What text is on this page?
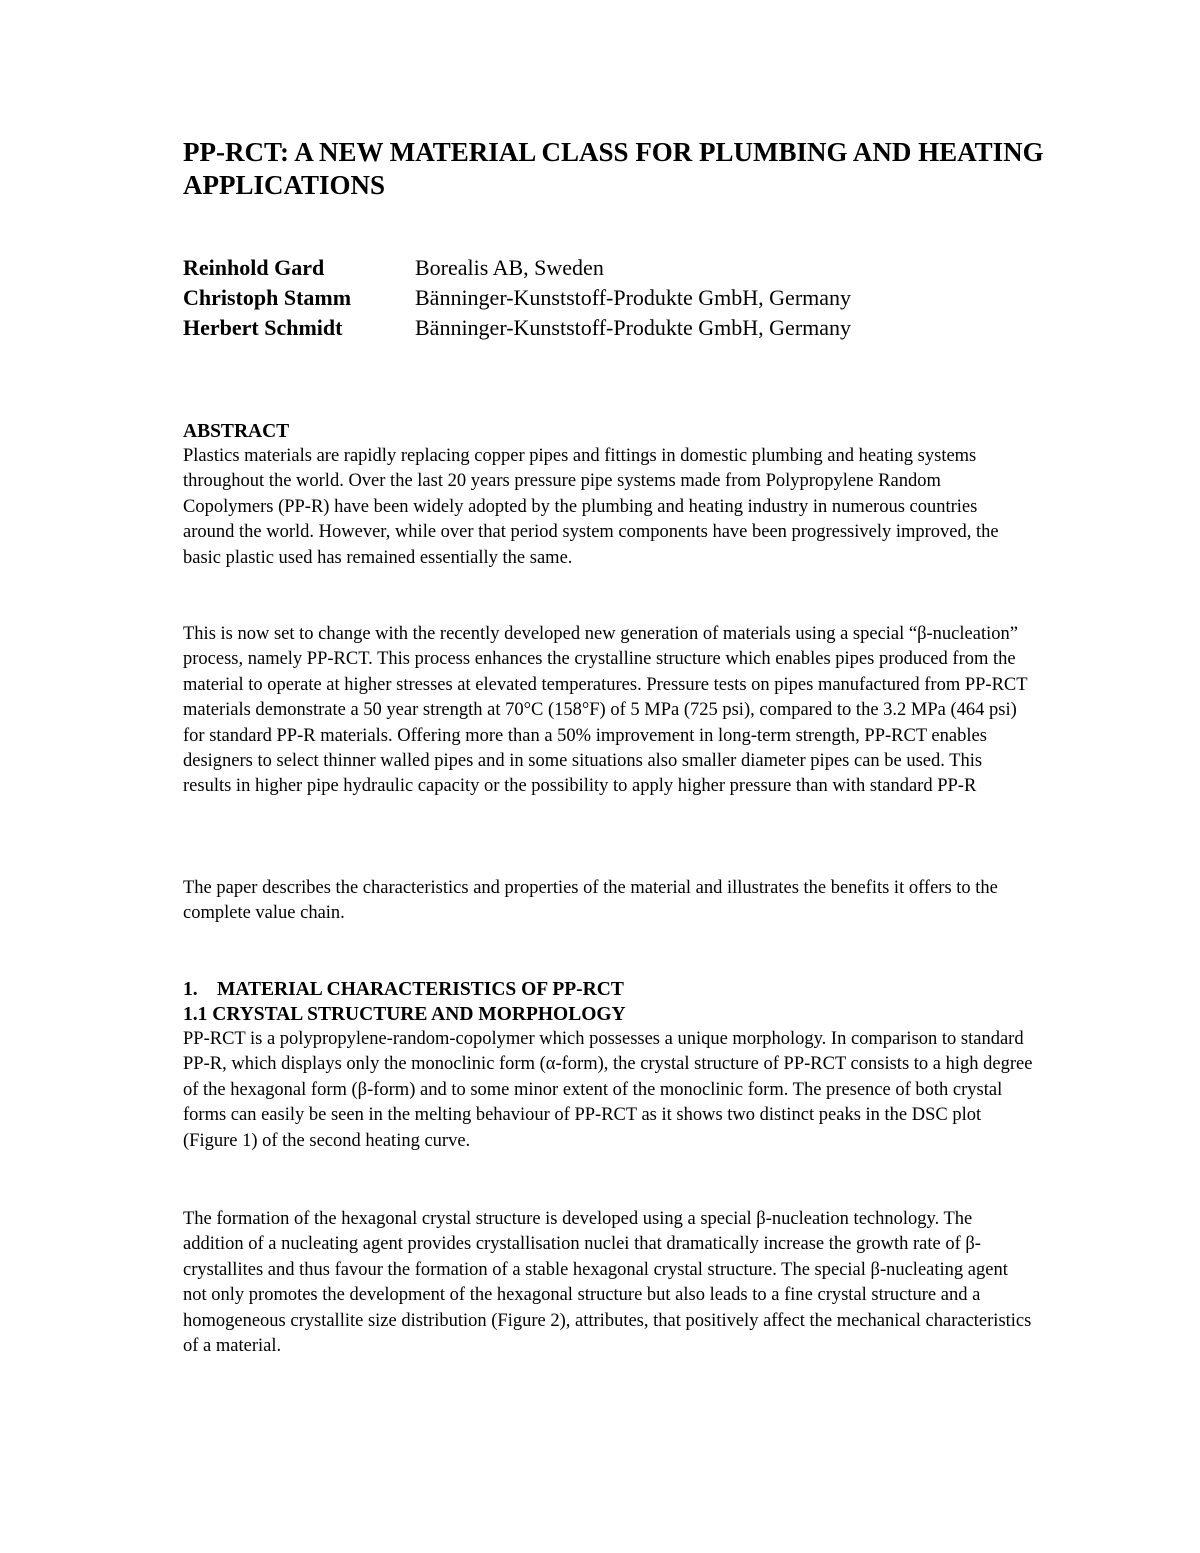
PP-RCT: A NEW MATERIAL CLASS FOR PLUMBING AND HEATING APPLICATIONS
Reinhold Gard	Borealis AB, Sweden
Christoph Stamm	Bänninger-Kunststoff-Produkte GmbH, Germany
Herbert Schmidt	Bänninger-Kunststoff-Produkte GmbH, Germany

ABSTRACT

Plastics materials are rapidly replacing copper pipes and fittings in domestic plumbing and heating systems throughout the world. Over the last 20 years pressure pipe systems made from Polypropylene Random Copolymers (PP-R) have been widely adopted by the plumbing and heating industry in numerous countries around the world. However, while over that period system components have been progressively improved, the basic plastic used has remained essentially the same.

This is now set to change with the recently developed new generation of materials using a special “β-nucleation” process, namely PP-RCT. This process enhances the crystalline structure which enables pipes produced from the material to operate at higher stresses at elevated temperatures. Pressure tests on pipes manufactured from PP-RCT materials demonstrate a 50 year strength at 70°C (158°F) of 5 MPa (725 psi), compared to the 3.2 MPa (464 psi) for standard PP-R materials. Offering more than a 50% improvement in long-term strength, PP-RCT enables designers to select thinner walled pipes and in some situations also smaller diameter pipes can be used. This results in higher pipe hydraulic capacity or the possibility to apply higher pressure than with standard PP-R

The paper describes the characteristics and properties of the material and illustrates the benefits it offers to the complete value chain.

1. MATERIAL CHARACTERISTICS OF PP-RCT

1.1 CRYSTAL STRUCTURE AND MORPHOLOGY

PP-RCT is a polypropylene-random-copolymer which possesses a unique morphology. In comparison to standard PP-R, which displays only the monoclinic form (α-form), the crystal structure of PP-RCT consists to a high degree of the hexagonal form (β-form) and to some minor extent of the monoclinic form. The presence of both crystal forms can easily be seen in the melting behaviour of PP-RCT as it shows two distinct peaks in the DSC plot (Figure 1) of the second heating curve.

The formation of the hexagonal crystal structure is developed using a special β-nucleation technology. The addition of a nucleating agent provides crystallisation nuclei that dramatically increase the growth rate of β-crystallites and thus favour the formation of a stable hexagonal crystal structure. The special β-nucleating agent not only promotes the development of the hexagonal structure but also leads to a fine crystal structure and a homogeneous crystallite size distribution (Figure 2), attributes, that positively affect the mechanical characteristics of a material.
